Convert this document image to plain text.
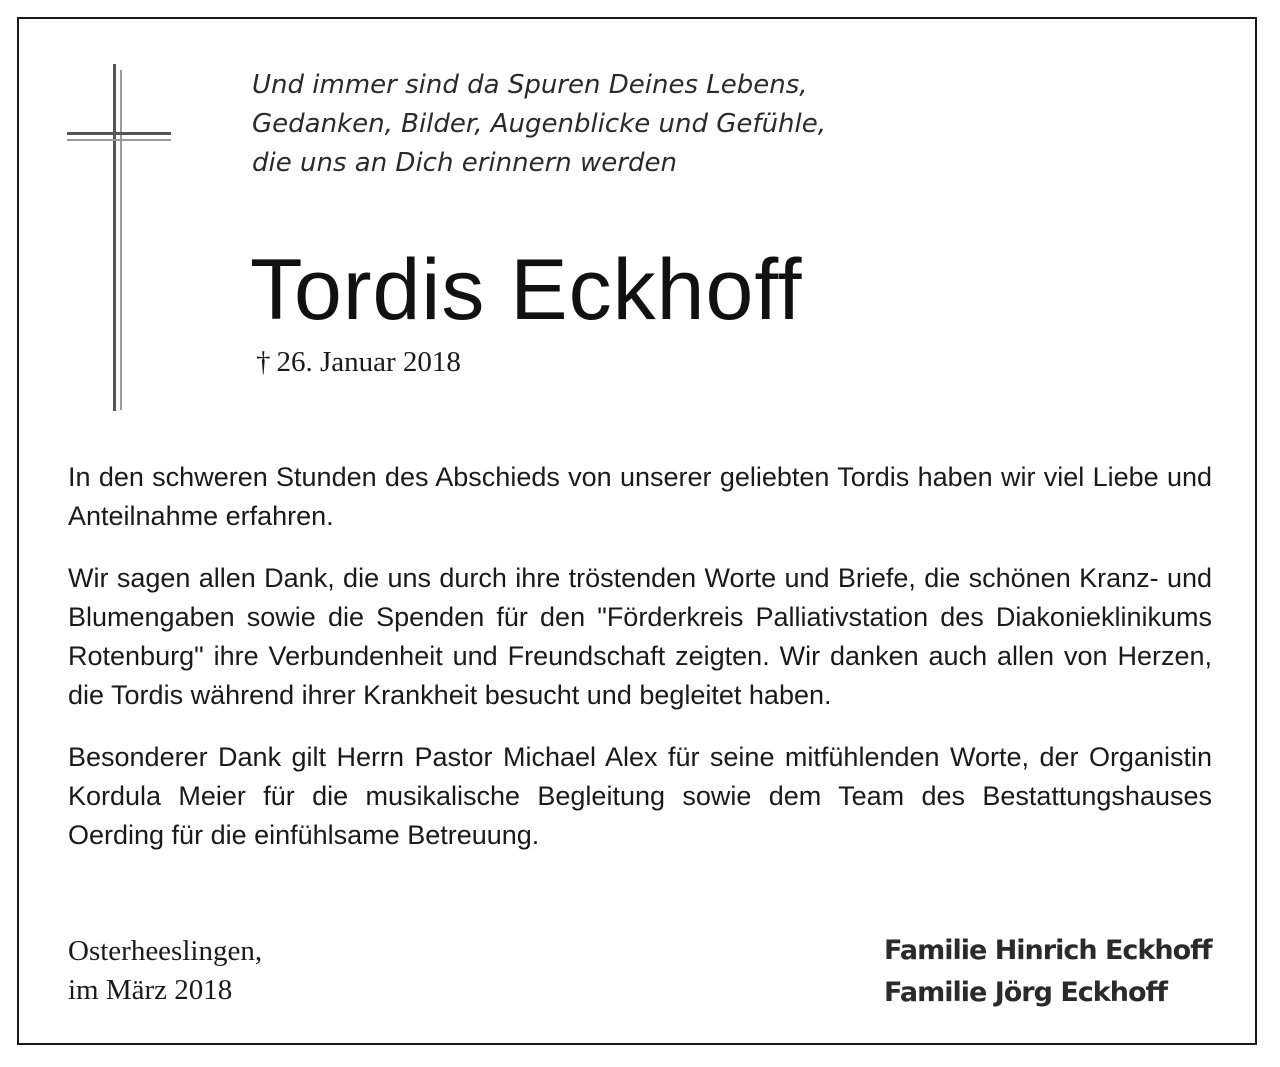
Und immer sind da Spuren Deines Lebens,
Gedanken, Bilder, Augenblicke und Gefühle,
die uns an Dich erinnern werden
Tordis Eckhoff
† 26. Januar 2018

In den schweren Stunden des Abschieds von unserer geliebten Tordis haben wir viel Liebe und Anteilnahme erfahren.

Wir sagen allen Dank, die uns durch ihre tröstenden Worte und Briefe, die schönen Kranz- und Blumengaben sowie die Spenden für den "Förderkreis Palliativstation des Diakonieklinikums Rotenburg" ihre Verbundenheit und Freundschaft zeigten. Wir danken auch allen von Herzen, die Tordis während ihrer Krankheit besucht und begleitet haben.

Besonderer Dank gilt Herrn Pastor Michael Alex für seine mitfühlenden Worte, der Organistin Kordula Meier für die musikalische Begleitung sowie dem Team des Bestattungshauses Oerding für die einfühlsame Betreuung.

Osterheeslingen,
im März 2018
Familie Hinrich Eckhoff
Familie Jörg Eckhoff
